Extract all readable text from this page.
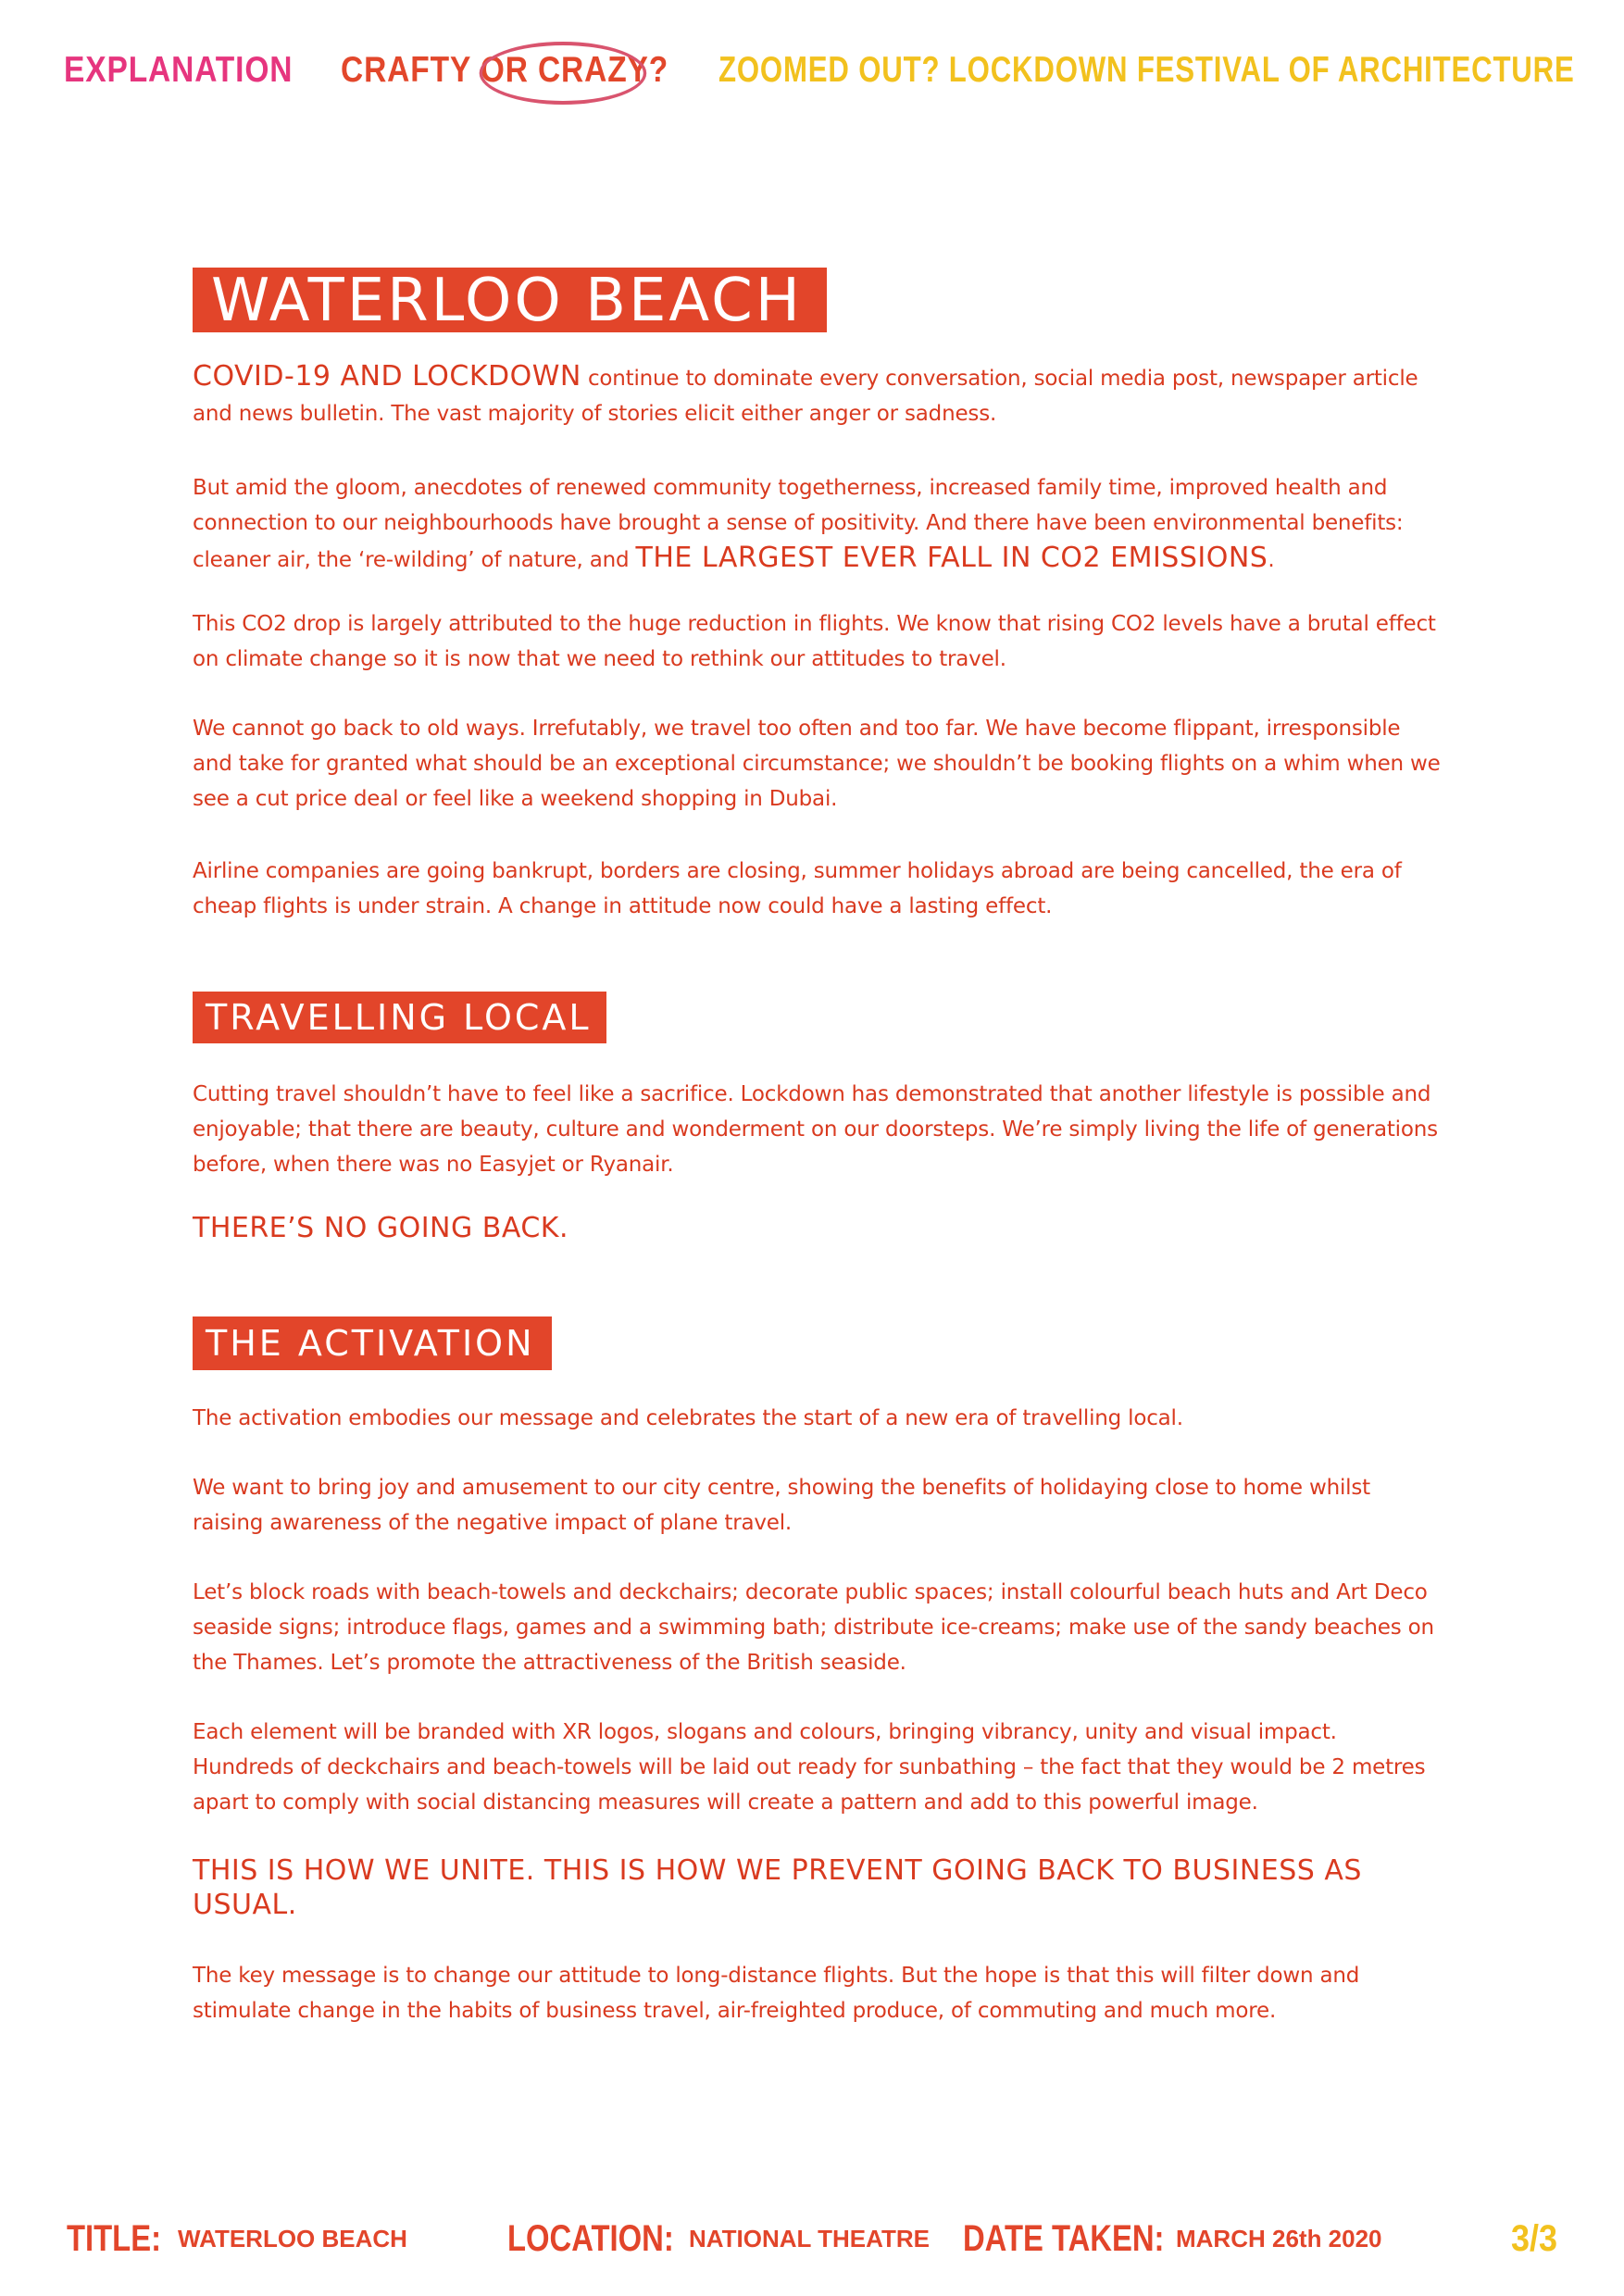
EXPLANATION CRAFTY OR CRAZY? ZOOMED OUT? LOCKDOWN FESTIVAL OF ARCHITECTURE
WATERLOO BEACH

COVID-19 AND LOCKDOWN continue to dominate every conversation, social media post, newspaper article and news bulletin. The vast majority of stories elicit either anger or sadness.

But amid the gloom, anecdotes of renewed community togetherness, increased family time, improved health and connection to our neighbourhoods have brought a sense of positivity. And there have been environmental benefits: cleaner air, the ‘re-wilding’ of nature, and THE LARGEST EVER FALL IN CO2 EMISSIONS.

This CO2 drop is largely attributed to the huge reduction in flights. We know that rising CO2 levels have a brutal effect on climate change so it is now that we need to rethink our attitudes to travel.

We cannot go back to old ways. Irrefutably, we travel too often and too far. We have become flippant, irresponsible and take for granted what should be an exceptional circumstance; we shouldn’t be booking flights on a whim when we see a cut price deal or feel like a weekend shopping in Dubai.

Airline companies are going bankrupt, borders are closing, summer holidays abroad are being cancelled, the era of cheap flights is under strain. A change in attitude now could have a lasting effect.

TRAVELLING LOCAL

Cutting travel shouldn’t have to feel like a sacrifice. Lockdown has demonstrated that another lifestyle is possible and enjoyable; that there are beauty, culture and wonderment on our doorsteps. We’re simply living the life of generations before, when there was no Easyjet or Ryanair.

THERE’S NO GOING BACK.

THE ACTIVATION

The activation embodies our message and celebrates the start of a new era of travelling local.

We want to bring joy and amusement to our city centre, showing the benefits of holidaying close to home whilst raising awareness of the negative impact of plane travel.

Let’s block roads with beach-towels and deckchairs; decorate public spaces; install colourful beach huts and Art Deco seaside signs; introduce flags, games and a swimming bath; distribute ice-creams; make use of the sandy beaches on the Thames. Let’s promote the attractiveness of the British seaside.

Each element will be branded with XR logos, slogans and colours, bringing vibrancy, unity and visual impact. Hundreds of deckchairs and beach-towels will be laid out ready for sunbathing – the fact that they would be 2 metres apart to comply with social distancing measures will create a pattern and add to this powerful image.

THIS IS HOW WE UNITE. THIS IS HOW WE PREVENT GOING BACK TO BUSINESS AS USUAL.

The key message is to change our attitude to long-distance flights. But the hope is that this will filter down and stimulate change in the habits of business travel, air-freighted produce, of commuting and much more.

TITLE: WATERLOO BEACH	LOCATION: NATIONAL THEATRE DATE TAKEN: MARCH 26th 2020	3/3
